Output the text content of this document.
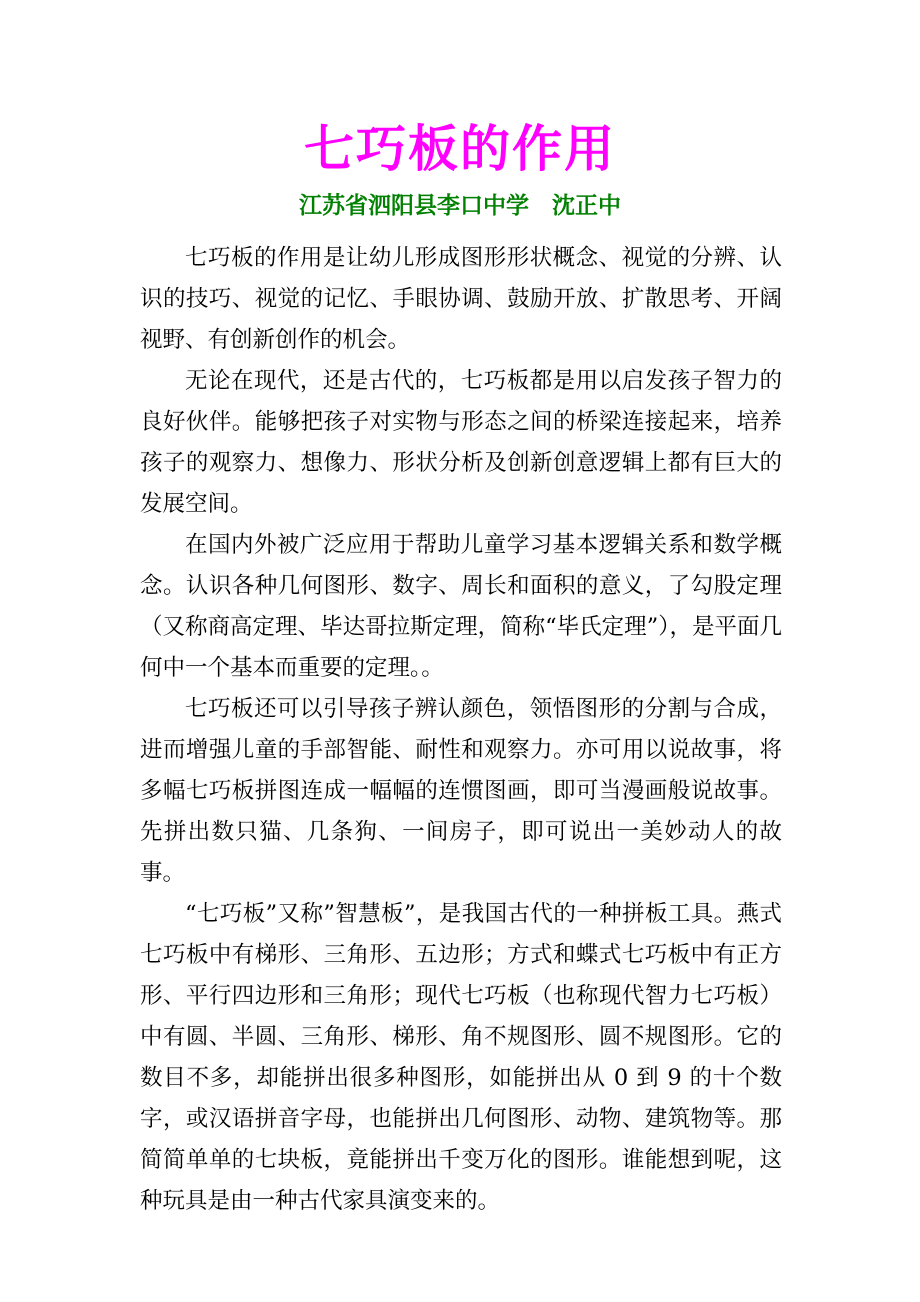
七巧板的作用
江苏省泗阳县李口中学　沈正中

七巧板的作用是让幼儿形成图形形状概念、视觉的分辨、认识的技巧、视觉的记忆、手眼协调、鼓励开放、扩散思考、开阔视野、有创新创作的机会。

无论在现代，还是古代的，七巧板都是用以启发孩子智力的良好伙伴。能够把孩子对实物与形态之间的桥梁连接起来，培养孩子的观察力、想像力、形状分析及创新创意逻辑上都有巨大的发展空间。

在国内外被广泛应用于帮助儿童学习基本逻辑关系和数学概念。认识各种几何图形、数字、周长和面积的意义，了勾股定理（又称商高定理、毕达哥拉斯定理，简称“毕氏定理”），是平面几何中一个基本而重要的定理。。

七巧板还可以引导孩子辨认颜色，领悟图形的分割与合成，进而增强儿童的手部智能、耐性和观察力。亦可用以说故事，将多幅七巧板拼图连成一幅幅的连惯图画，即可当漫画般说故事。先拼出数只猫、几条狗、一间房子，即可说出一美妙动人的故事。

“七巧板”又称”智慧板”，是我国古代的一种拼板工具。燕式七巧板中有梯形、三角形、五边形；方式和蝶式七巧板中有正方形、平行四边形和三角形；现代七巧板（也称现代智力七巧板）中有圆、半圆、三角形、梯形、角不规图形、圆不规图形。它的数目不多，却能拼出很多种图形，如能拼出从 0 到 9 的十个数字，或汉语拼音字母，也能拼出几何图形、动物、建筑物等。那简简单单的七块板，竟能拼出千变万化的图形。谁能想到呢，这种玩具是由一种古代家具演变来的。
